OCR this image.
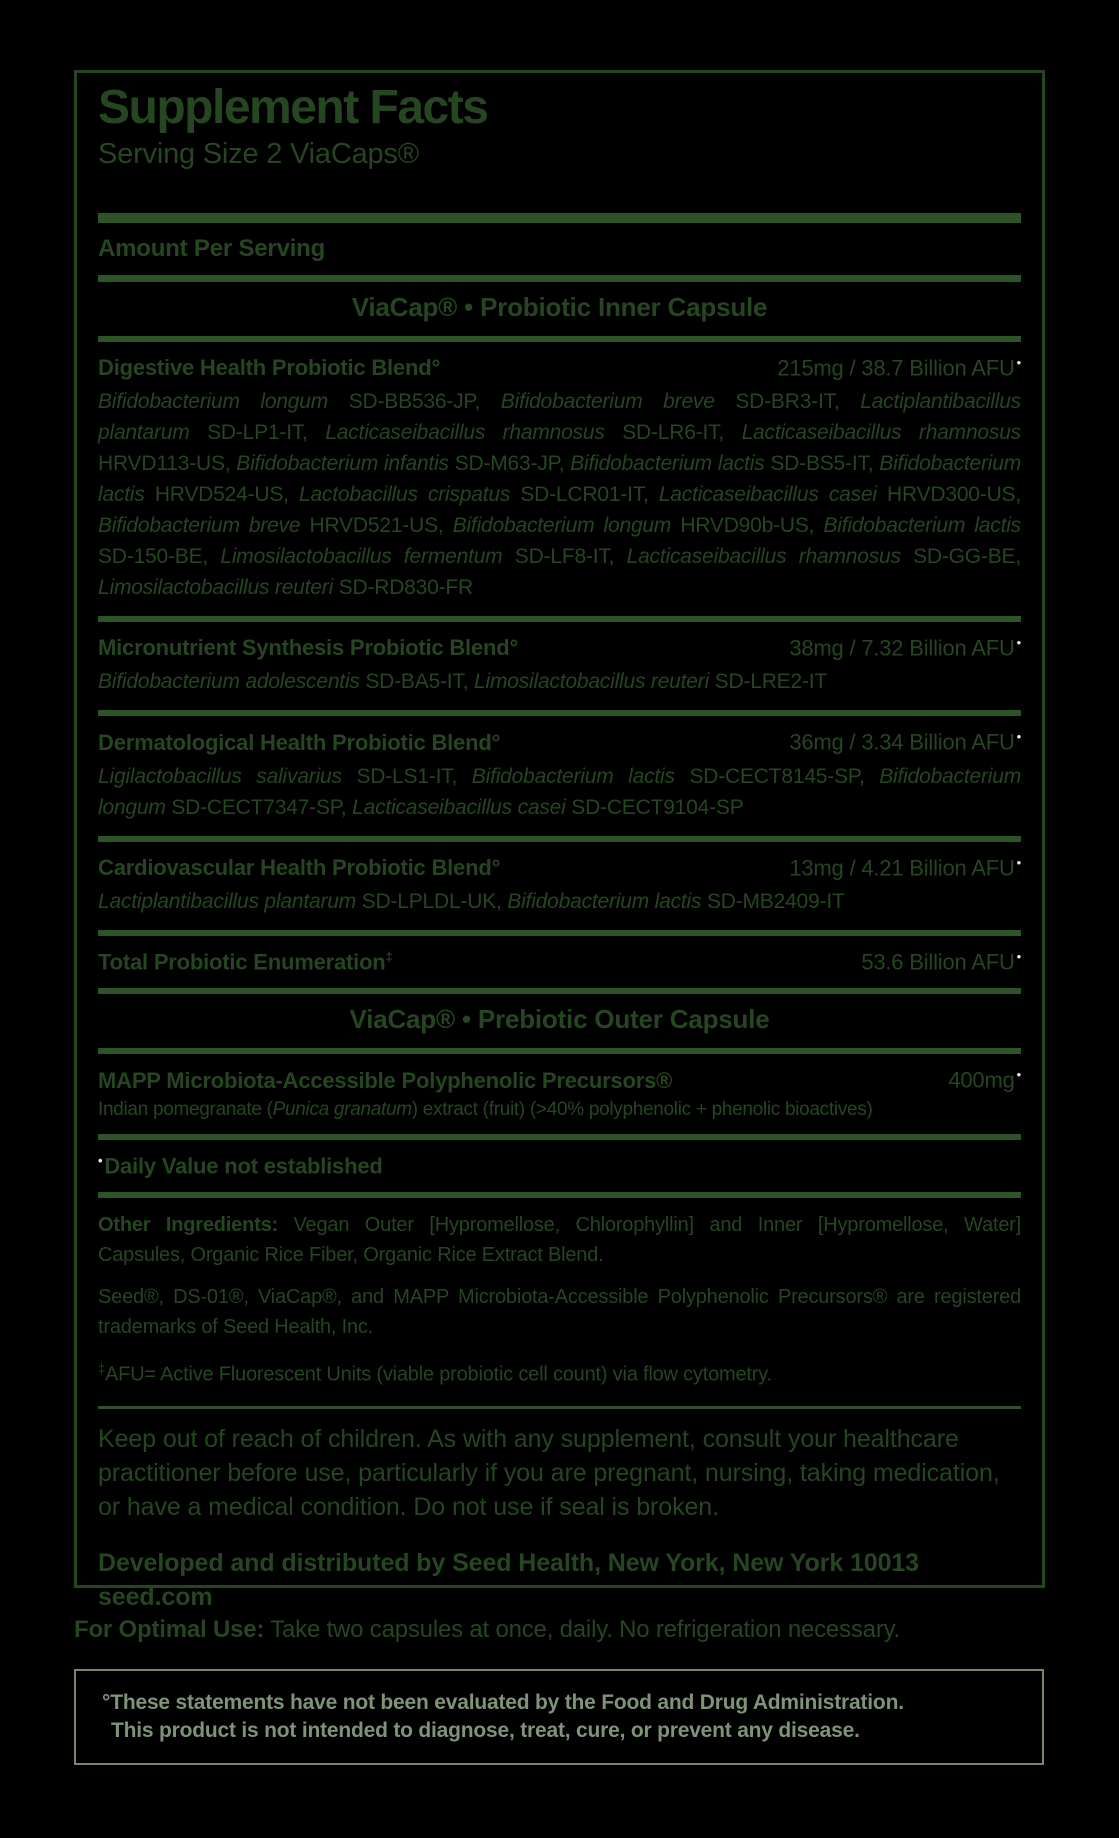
Supplement Facts
Serving Size 2 ViaCaps®
Amount Per Serving
ViaCap® • Probiotic Inner Capsule
Digestive Health Probiotic Blend°	215mg / 38.7 Billion AFU •
Bifidobacterium longum SD-BB536-JP, Bifidobacterium breve SD-BR3-IT, Lactiplantibacillus plantarum SD-LP1-IT, Lacticaseibacillus rhamnosus SD-LR6-IT, Lacticaseibacillus rhamnosus HRVD113-US, Bifidobacterium infantis SD-M63-JP, Bifidobacterium lactis SD-BS5-IT, Bifidobacterium lactis HRVD524-US, Lactobacillus crispatus SD-LCR01-IT, Lacticaseibacillus casei HRVD300-US, Bifidobacterium breve HRVD521-US, Bifidobacterium longum HRVD90b-US, Bifidobacterium lactis SD-150-BE, Limosilactobacillus fermentum SD-LF8-IT, Lacticaseibacillus rhamnosus SD-GG-BE, Limosilactobacillus reuteri SD-RD830-FR
Micronutrient Synthesis Probiotic Blend°	38mg / 7.32 Billion AFU •
Bifidobacterium adolescentis SD-BA5-IT, Limosilactobacillus reuteri SD-LRE2-IT
Dermatological Health Probiotic Blend°	36mg / 3.34 Billion AFU •
Ligilactobacillus salivarius SD-LS1-IT, Bifidobacterium lactis SD-CECT8145-SP, Bifidobacterium longum SD-CECT7347-SP, Lacticaseibacillus casei SD-CECT9104-SP
Cardiovascular Health Probiotic Blend°	13mg / 4.21 Billion AFU •
Lactiplantibacillus plantarum SD-LPLDL-UK, Bifidobacterium lactis SD-MB2409-IT
Total Probiotic Enumeration‡	53.6 Billion AFU •
ViaCap® • Prebiotic Outer Capsule
MAPP Microbiota-Accessible Polyphenolic Precursors®	400mg •
Indian pomegranate (Punica granatum) extract (fruit) (>40% polyphenolic + phenolic bioactives)
•Daily Value not established
Other Ingredients: Vegan Outer [Hypromellose, Chlorophyllin] and Inner [Hypromellose, Water] Capsules, Organic Rice Fiber, Organic Rice Extract Blend.
Seed®, DS-01®, ViaCap®, and MAPP Microbiota-Accessible Polyphenolic Precursors® are registered trademarks of Seed Health, Inc.
‡AFU= Active Fluorescent Units (viable probiotic cell count) via flow cytometry.
Keep out of reach of children. As with any supplement, consult your healthcare practitioner before use, particularly if you are pregnant, nursing, taking medication, or have a medical condition. Do not use if seal is broken.
Developed and distributed by Seed Health, New York, New York 10013
seed.com
For Optimal Use: Take two capsules at once, daily. No refrigeration necessary.
°These statements have not been evaluated by the Food and Drug Administration.
This product is not intended to diagnose, treat, cure, or prevent any disease.
